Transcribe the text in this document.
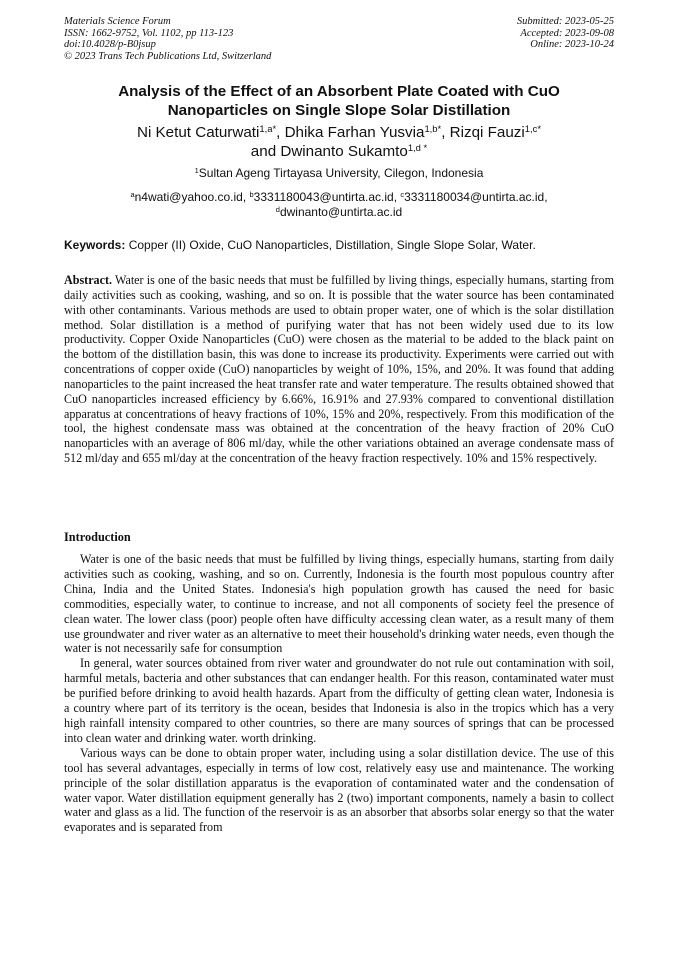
Materials Science Forum
ISSN: 1662-9752, Vol. 1102, pp 113-123
doi:10.4028/p-B0jsup
© 2023 Trans Tech Publications Ltd, Switzerland
Submitted: 2023-05-25
Accepted: 2023-09-08
Online: 2023-10-24
Analysis of the Effect of an Absorbent Plate Coated with CuO
Nanoparticles on Single Slope Solar Distillation
Ni Ketut Caturwati$^{1,a*}$, Dhika Farhan Yusvia$^{1,b*}$, Rizqi Fauzi$^{1,c*}$
and Dwinanto Sukamto$^{1,d *}$
$^1$Sultan Ageng Tirtayasa University, Cilegon, Indonesia
$^a$n4wati@yahoo.co.id, $^b$3331180043@untirta.ac.id, $^c$3331180034@untirta.ac.id,
$^d$dwinanto@untirta.ac.id
Keywords: Copper (II) Oxide, CuO Nanoparticles, Distillation, Single Slope Solar, Water.
Abstract. Water is one of the basic needs that must be fulfilled by living things, especially humans, starting from daily activities such as cooking, washing, and so on. It is possible that the water source has been contaminated with other contaminants. Various methods are used to obtain proper water, one of which is the solar distillation method. Solar distillation is a method of purifying water that has not been widely used due to its low productivity. Copper Oxide Nanoparticles (CuO) were chosen as the material to be added to the black paint on the bottom of the distillation basin, this was done to increase its productivity. Experiments were carried out with concentrations of copper oxide (CuO) nanoparticles by weight of 10%, 15%, and 20%. It was found that adding nanoparticles to the paint increased the heat transfer rate and water temperature. The results obtained showed that CuO nanoparticles increased efficiency by 6.66%, 16.91% and 27.93% compared to conventional distillation apparatus at concentrations of heavy fractions of 10%, 15% and 20%, respectively. From this modification of the tool, the highest condensate mass was obtained at the concentration of the heavy fraction of 20% CuO nanoparticles with an average of 806 ml/day, while the other variations obtained an average condensate mass of 512 ml/day and 655 ml/day at the concentration of the heavy fraction respectively. 10% and 15% respectively.
Introduction

Water is one of the basic needs that must be fulfilled by living things, especially humans, starting from daily activities such as cooking, washing, and so on. Currently, Indonesia is the fourth most populous country after China, India and the United States. Indonesia's high population growth has caused the need for basic commodities, especially water, to continue to increase, and not all components of society feel the presence of clean water. The lower class (poor) people often have difficulty accessing clean water, as a result many of them use groundwater and river water as an alternative to meet their household's drinking water needs, even though the water is not necessarily safe for consumption

In general, water sources obtained from river water and groundwater do not rule out contamination with soil, harmful metals, bacteria and other substances that can endanger health. For this reason, contaminated water must be purified before drinking to avoid health hazards. Apart from the difficulty of getting clean water, Indonesia is a country where part of its territory is the ocean, besides that Indonesia is also in the tropics which has a very high rainfall intensity compared to other countries, so there are many sources of springs that can be processed into clean water and drinking water. worth drinking.

Various ways can be done to obtain proper water, including using a solar distillation device. The use of this tool has several advantages, especially in terms of low cost, relatively easy use and maintenance. The working principle of the solar distillation apparatus is the evaporation of contaminated water and the condensation of water vapor. Water distillation equipment generally has 2 (two) important components, namely a basin to collect water and glass as a lid. The function of the reservoir is as an absorber that absorbs solar energy so that the water evaporates and is separated from
